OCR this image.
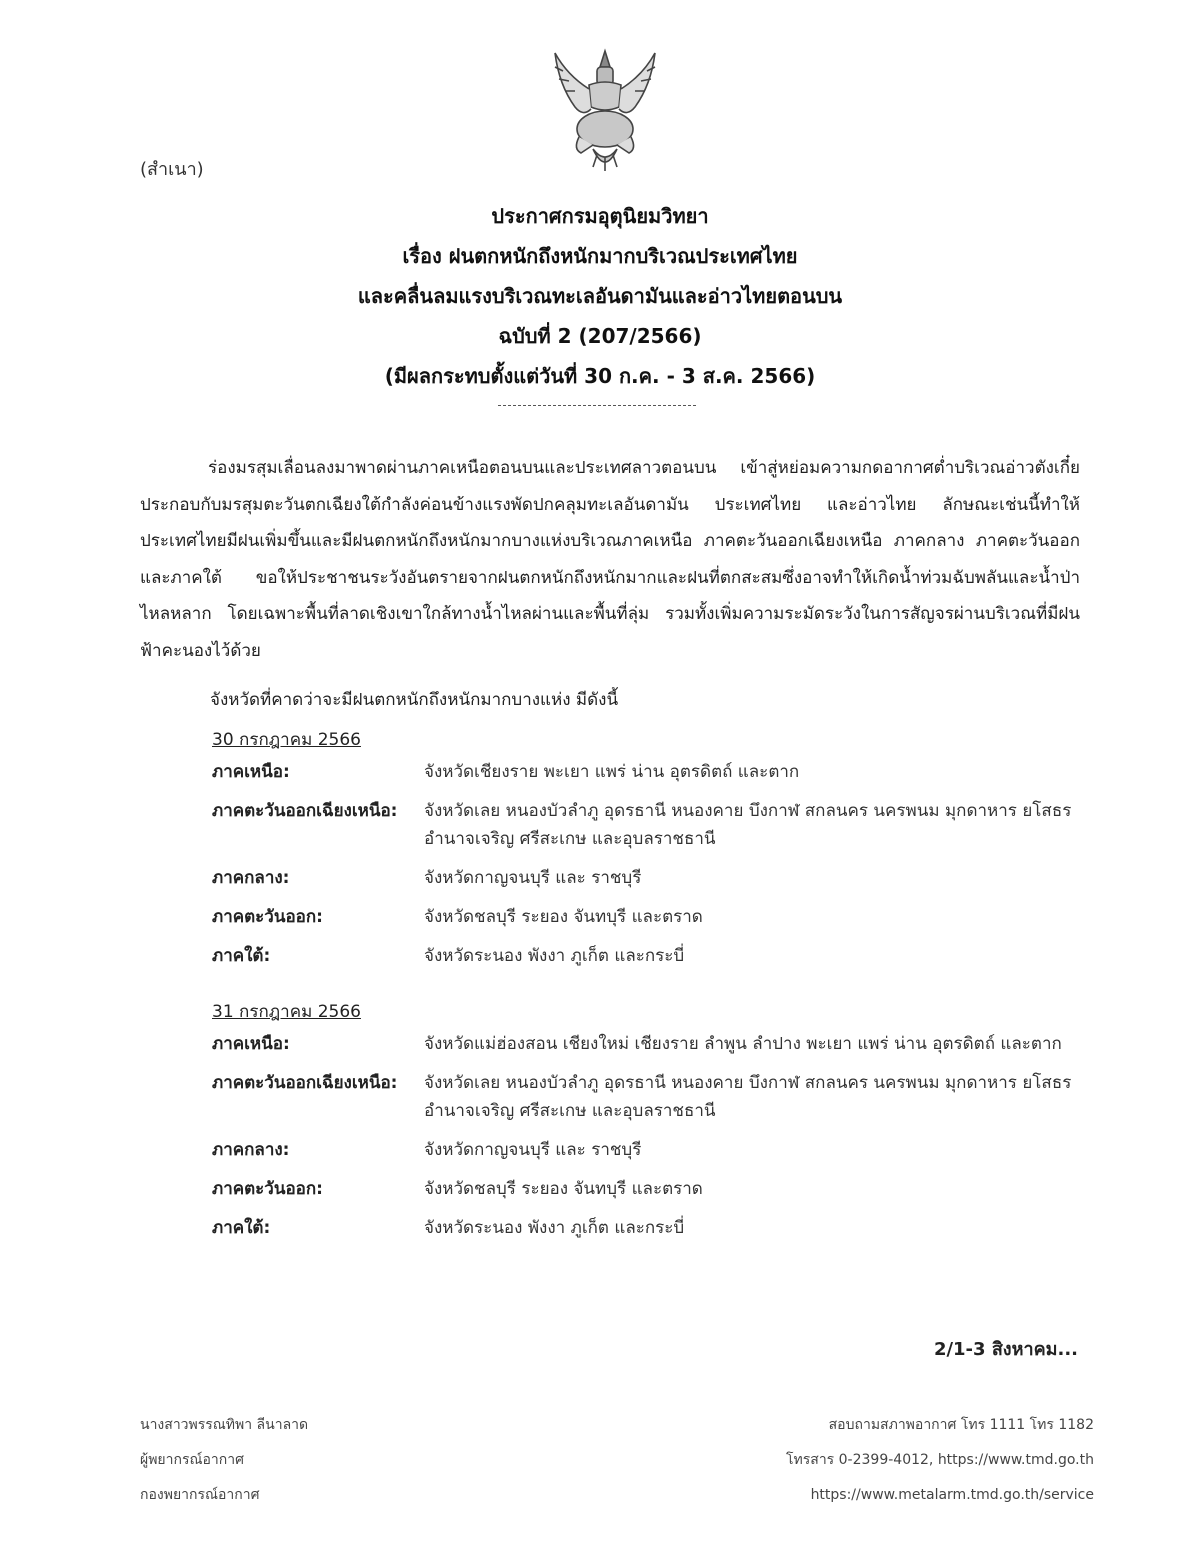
(สำเนา)
ประกาศกรมอุตุนิยมวิทยา
เรื่อง ฝนตกหนักถึงหนักมากบริเวณประเทศไทย
และคลื่นลมแรงบริเวณทะเลอันดามันและอ่าวไทยตอนบน
ฉบับที่ 2 (207/2566)
(มีผลกระทบตั้งแต่วันที่ 30 ก.ค. - 3 ส.ค. 2566)
ร่องมรสุมเลื่อนลงมาพาดผ่านภาคเหนือตอนบนและประเทศลาวตอนบน เข้าสู่หย่อมความกดอากาศต่ำบริเวณอ่าวตังเกี๋ย ประกอบกับมรสุมตะวันตกเฉียงใต้กำลังค่อนข้างแรงพัดปกคลุมทะเลอันดามัน ประเทศไทย และอ่าวไทย ลักษณะเช่นนี้ทำให้ประเทศไทยมีฝนเพิ่มขึ้นและมีฝนตกหนักถึงหนักมากบางแห่งบริเวณภาคเหนือ ภาคตะวันออกเฉียงเหนือ ภาคกลาง ภาคตะวันออก และภาคใต้ ขอให้ประชาชนระวังอันตรายจากฝนตกหนักถึงหนักมากและฝนที่ตกสะสมซึ่งอาจทำให้เกิดน้ำท่วมฉับพลันและน้ำป่าไหลหลาก โดยเฉพาะพื้นที่ลาดเชิงเขาใกล้ทางน้ำไหลผ่านและพื้นที่ลุ่ม รวมทั้งเพิ่มความระมัดระวังในการสัญจรผ่านบริเวณที่มีฝนฟ้าคะนองไว้ด้วย
จังหวัดที่คาดว่าจะมีฝนตกหนักถึงหนักมากบางแห่ง มีดังนี้
30 กรกฎาคม 2566
ภาคเหนือ:	จังหวัดเชียงราย พะเยา แพร่ น่าน อุตรดิตถ์ และตาก
ภาคตะวันออกเฉียงเหนือ:	จังหวัดเลย หนองบัวลำภู อุดรธานี หนองคาย บึงกาฬ สกลนคร นครพนม มุกดาหาร ยโสธร อำนาจเจริญ ศรีสะเกษ และอุบลราชธานี
ภาคกลาง:	จังหวัดกาญจนบุรี และ ราชบุรี
ภาคตะวันออก:	จังหวัดชลบุรี ระยอง จันทบุรี และตราด
ภาคใต้:	จังหวัดระนอง พังงา ภูเก็ต และกระบี่
31 กรกฎาคม 2566
ภาคเหนือ:	จังหวัดแม่ฮ่องสอน เชียงใหม่ เชียงราย ลำพูน ลำปาง พะเยา แพร่ น่าน อุตรดิตถ์ และตาก
ภาคตะวันออกเฉียงเหนือ:	จังหวัดเลย หนองบัวลำภู อุดรธานี หนองคาย บึงกาฬ สกลนคร นครพนม มุกดาหาร ยโสธร อำนาจเจริญ ศรีสะเกษ และอุบลราชธานี
ภาคกลาง:	จังหวัดกาญจนบุรี และ ราชบุรี
ภาคตะวันออก:	จังหวัดชลบุรี ระยอง จันทบุรี และตราด
ภาคใต้:	จังหวัดระนอง พังงา ภูเก็ต และกระบี่
2/1-3 สิงหาคม...
นางสาวพรรณทิพา ลีนาลาด
ผู้พยากรณ์อากาศ
กองพยากรณ์อากาศ
สอบถามสภาพอากาศ โทร 1111 โทร 1182
โทรสาร 0-2399-4012, https://www.tmd.go.th
https://www.metalarm.tmd.go.th/service
